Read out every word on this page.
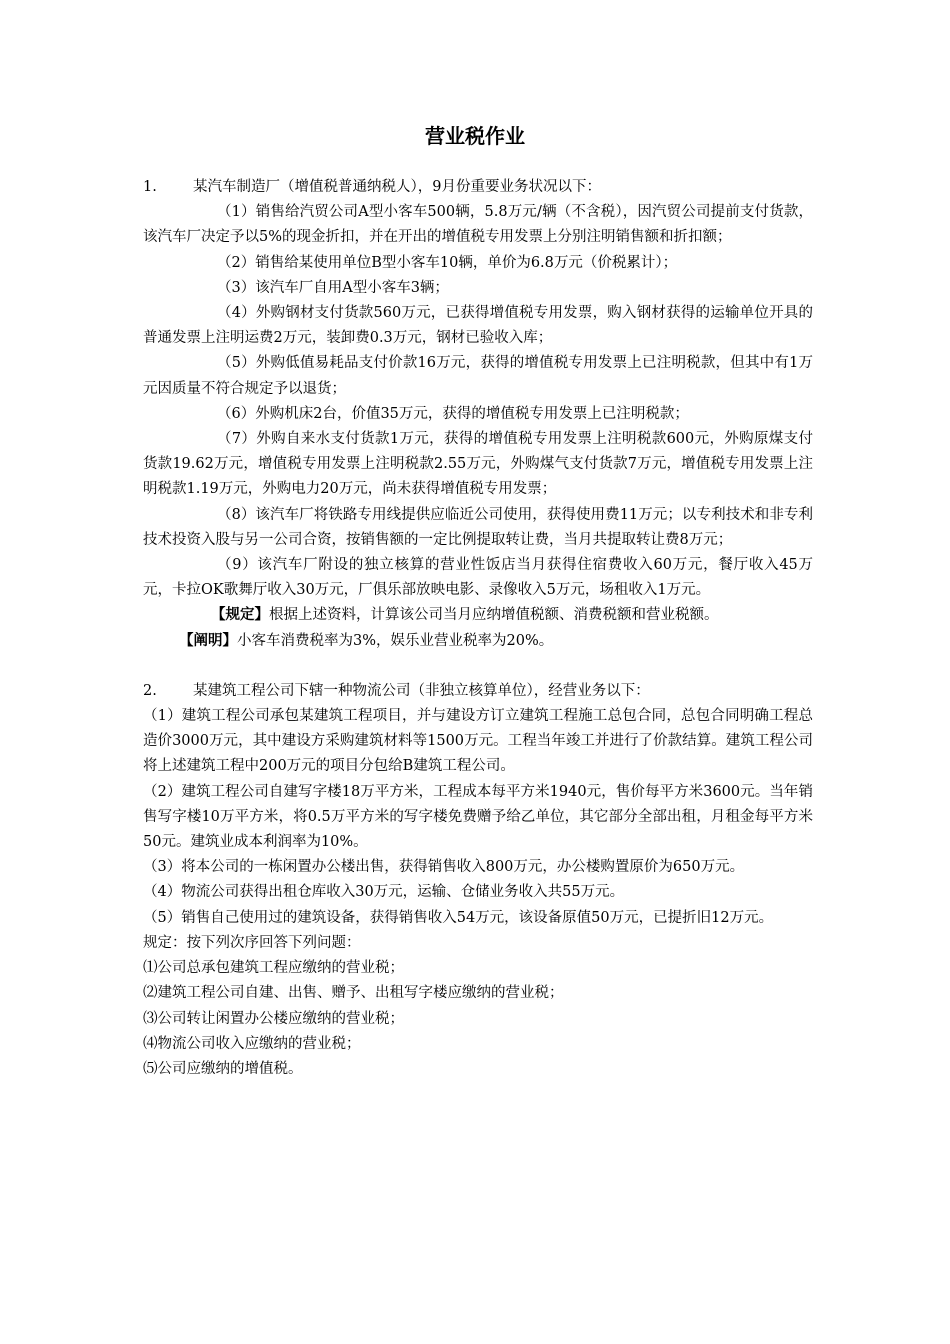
营业税作业

1. 某汽车制造厂（增值税普通纳税人），9月份重要业务状况以下：

（1）销售给汽贸公司A型小客车500辆，5.8万元/辆（不含税），因汽贸公司提前支付货款，该汽车厂决定予以5%的现金折扣，并在开出的增值税专用发票上分别注明销售额和折扣额；

（2）销售给某使用单位B型小客车10辆，单价为6.8万元（价税累计）；

（3）该汽车厂自用A型小客车3辆；

（4）外购钢材支付货款560万元，已获得增值税专用发票，购入钢材获得的运输单位开具的普通发票上注明运费2万元，装卸费0.3万元，钢材已验收入库；

（5）外购低值易耗品支付价款16万元，获得的增值税专用发票上已注明税款，但其中有1万元因质量不符合规定予以退货；

（6）外购机床2台，价值35万元，获得的增值税专用发票上已注明税款；

（7）外购自来水支付货款1万元，获得的增值税专用发票上注明税款600元，外购原煤支付货款19.62万元，增值税专用发票上注明税款2.55万元，外购煤气支付货款7万元，增值税专用发票上注明税款1.19万元，外购电力20万元，尚未获得增值税专用发票；

（8）该汽车厂将铁路专用线提供应临近公司使用，获得使用费11万元；以专利技术和非专利技术投资入股与另一公司合资，按销售额的一定比例提取转让费，当月共提取转让费8万元；

（9）该汽车厂附设的独立核算的营业性饭店当月获得住宿费收入60万元，餐厅收入45万元，卡拉OK歌舞厅收入30万元，厂俱乐部放映电影、录像收入5万元，场租收入1万元。

【规定】根据上述资料，计算该公司当月应纳增值税额、消费税额和营业税额。

【阐明】小客车消费税率为3%，娱乐业营业税率为20%。

2. 某建筑工程公司下辖一种物流公司（非独立核算单位），经营业务以下：

（1）建筑工程公司承包某建筑工程项目，并与建设方订立建筑工程施工总包合同，总包合同明确工程总造价3000万元，其中建设方采购建筑材料等1500万元。工程当年竣工并进行了价款结算。建筑工程公司将上述建筑工程中200万元的项目分包给B建筑工程公司。

（2）建筑工程公司自建写字楼18万平方米，工程成本每平方米1940元，售价每平方米3600元。当年销售写字楼10万平方米，将0.5万平方米的写字楼免费赠予给乙单位，其它部分全部出租，月租金每平方米50元。建筑业成本利润率为10%。

（3）将本公司的一栋闲置办公楼出售，获得销售收入800万元，办公楼购置原价为650万元。

（4）物流公司获得出租仓库收入30万元，运输、仓储业务收入共55万元。

（5）销售自己使用过的建筑设备，获得销售收入54万元，该设备原值50万元，已提折旧12万元。

规定：按下列次序回答下列问题：

⑴公司总承包建筑工程应缴纳的营业税；

⑵建筑工程公司自建、出售、赠予、出租写字楼应缴纳的营业税；

⑶公司转让闲置办公楼应缴纳的营业税；

⑷物流公司收入应缴纳的营业税；

⑸公司应缴纳的增值税。
